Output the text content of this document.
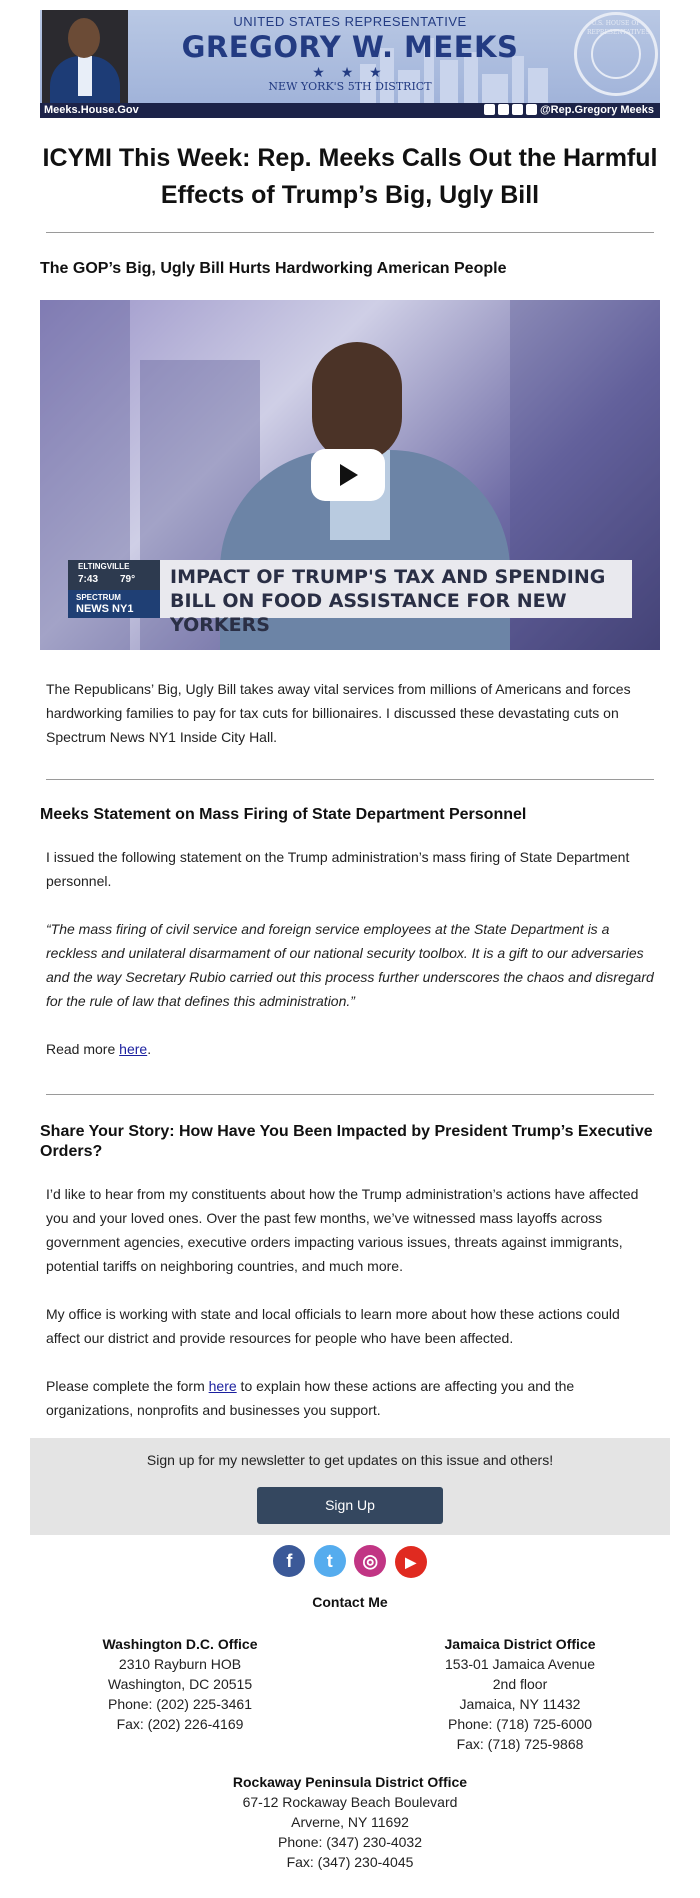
UNITED STATES REPRESENTATIVE
GREGORY W. MEEKS
★ ★ ★
NEW YORK'S 5TH DISTRICT
U.S. HOUSE OF REPRESENTATIVES
Meeks.House.Gov	@Rep.Gregory Meeks
ICYMI This Week: Rep. Meeks Calls Out the Harmful Effects of Trump’s Big, Ugly Bill
The GOP’s Big, Ugly Bill Hurts Hardworking American People
ELTINGVILLE
7:43 79°
SPECTRUM
NEWS NY1
IMPACT OF TRUMP'S TAX AND SPENDING BILL ON FOOD ASSISTANCE FOR NEW YORKERS

The Republicans’ Big, Ugly Bill takes away vital services from millions of Americans and forces hardworking families to pay for tax cuts for billionaires. I discussed these devastating cuts on Spectrum News NY1 Inside City Hall.

Meeks Statement on Mass Firing of State Department Personnel

I issued the following statement on the Trump administration’s mass firing of State Department personnel.

“The mass firing of civil service and foreign service employees at the State Department is a reckless and unilateral disarmament of our national security toolbox. It is a gift to our adversaries and the way Secretary Rubio carried out this process further underscores the chaos and disregard for the rule of law that defines this administration.”

Read more here.

Share Your Story: How Have You Been Impacted by President Trump’s Executive Orders?

I’d like to hear from my constituents about how the Trump administration’s actions have affected you and your loved ones. Over the past few months, we’ve witnessed mass layoffs across government agencies, executive orders impacting various issues, threats against immigrants, potential tariffs on neighboring countries, and much more.

My office is working with state and local officials to learn more about how these actions could affect our district and provide resources for people who have been affected.

Please complete the form here to explain how these actions are affecting you and the organizations, nonprofits and businesses you support.

Sign up for my newsletter to get updates on this issue and others!
Sign Up
f t ◎ ▶
Contact Me
Washington D.C. Office
2310 Rayburn HOB
Washington, DC 20515
Phone: (202) 225-3461
Fax: (202) 226-4169
Jamaica District Office
153-01 Jamaica Avenue
2nd floor
Jamaica, NY 11432
Phone: (718) 725-6000
Fax: (718) 725-9868
Rockaway Peninsula District Office
67-12 Rockaway Beach Boulevard
Arverne, NY 11692
Phone: (347) 230-4032
Fax: (347) 230-4045
